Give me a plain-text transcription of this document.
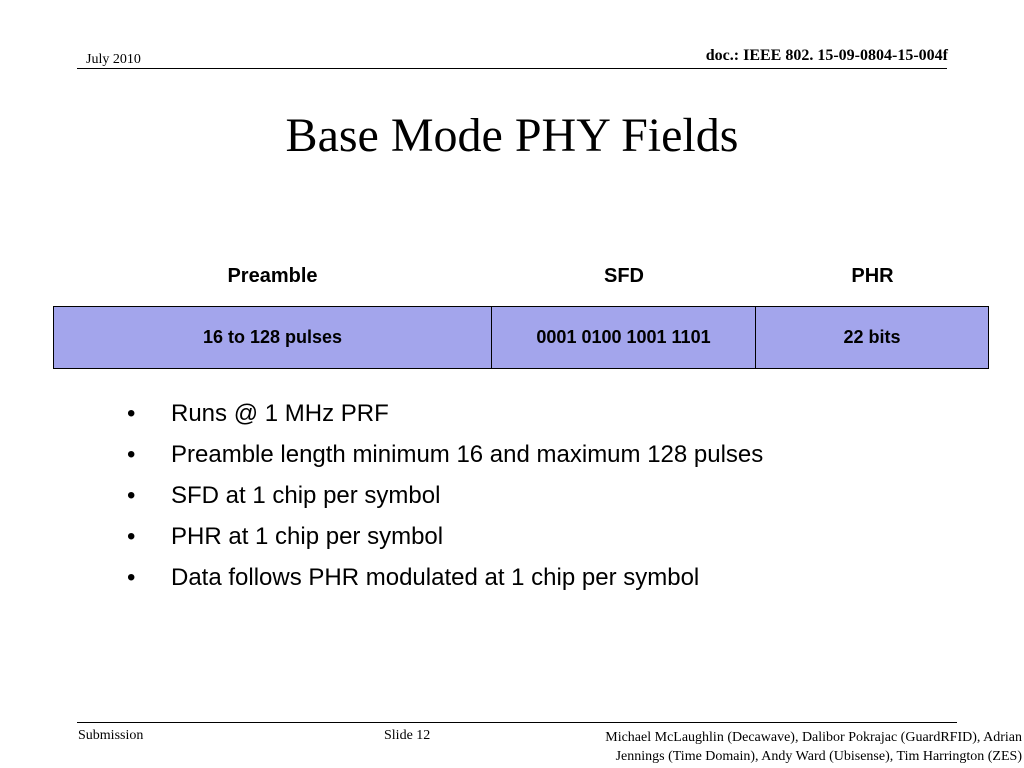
July 2010	doc.: IEEE 802. 15-09-0804-15-004f
Base Mode PHY Fields
Preamble	SFD	PHR
16 to 128 pulses	0001 0100 1001 1101	22 bits
• Runs @ 1 MHz PRF
• Preamble length minimum 16 and maximum 128 pulses
• SFD at 1 chip per symbol
• PHR at 1 chip per symbol
• Data follows PHR modulated at 1 chip per symbol
Submission	Slide 12	Michael McLaughlin (Decawave), Dalibor Pokrajac (GuardRFID), Adrian
Jennings (Time Domain), Andy Ward (Ubisense), Tim Harrington (ZES)
